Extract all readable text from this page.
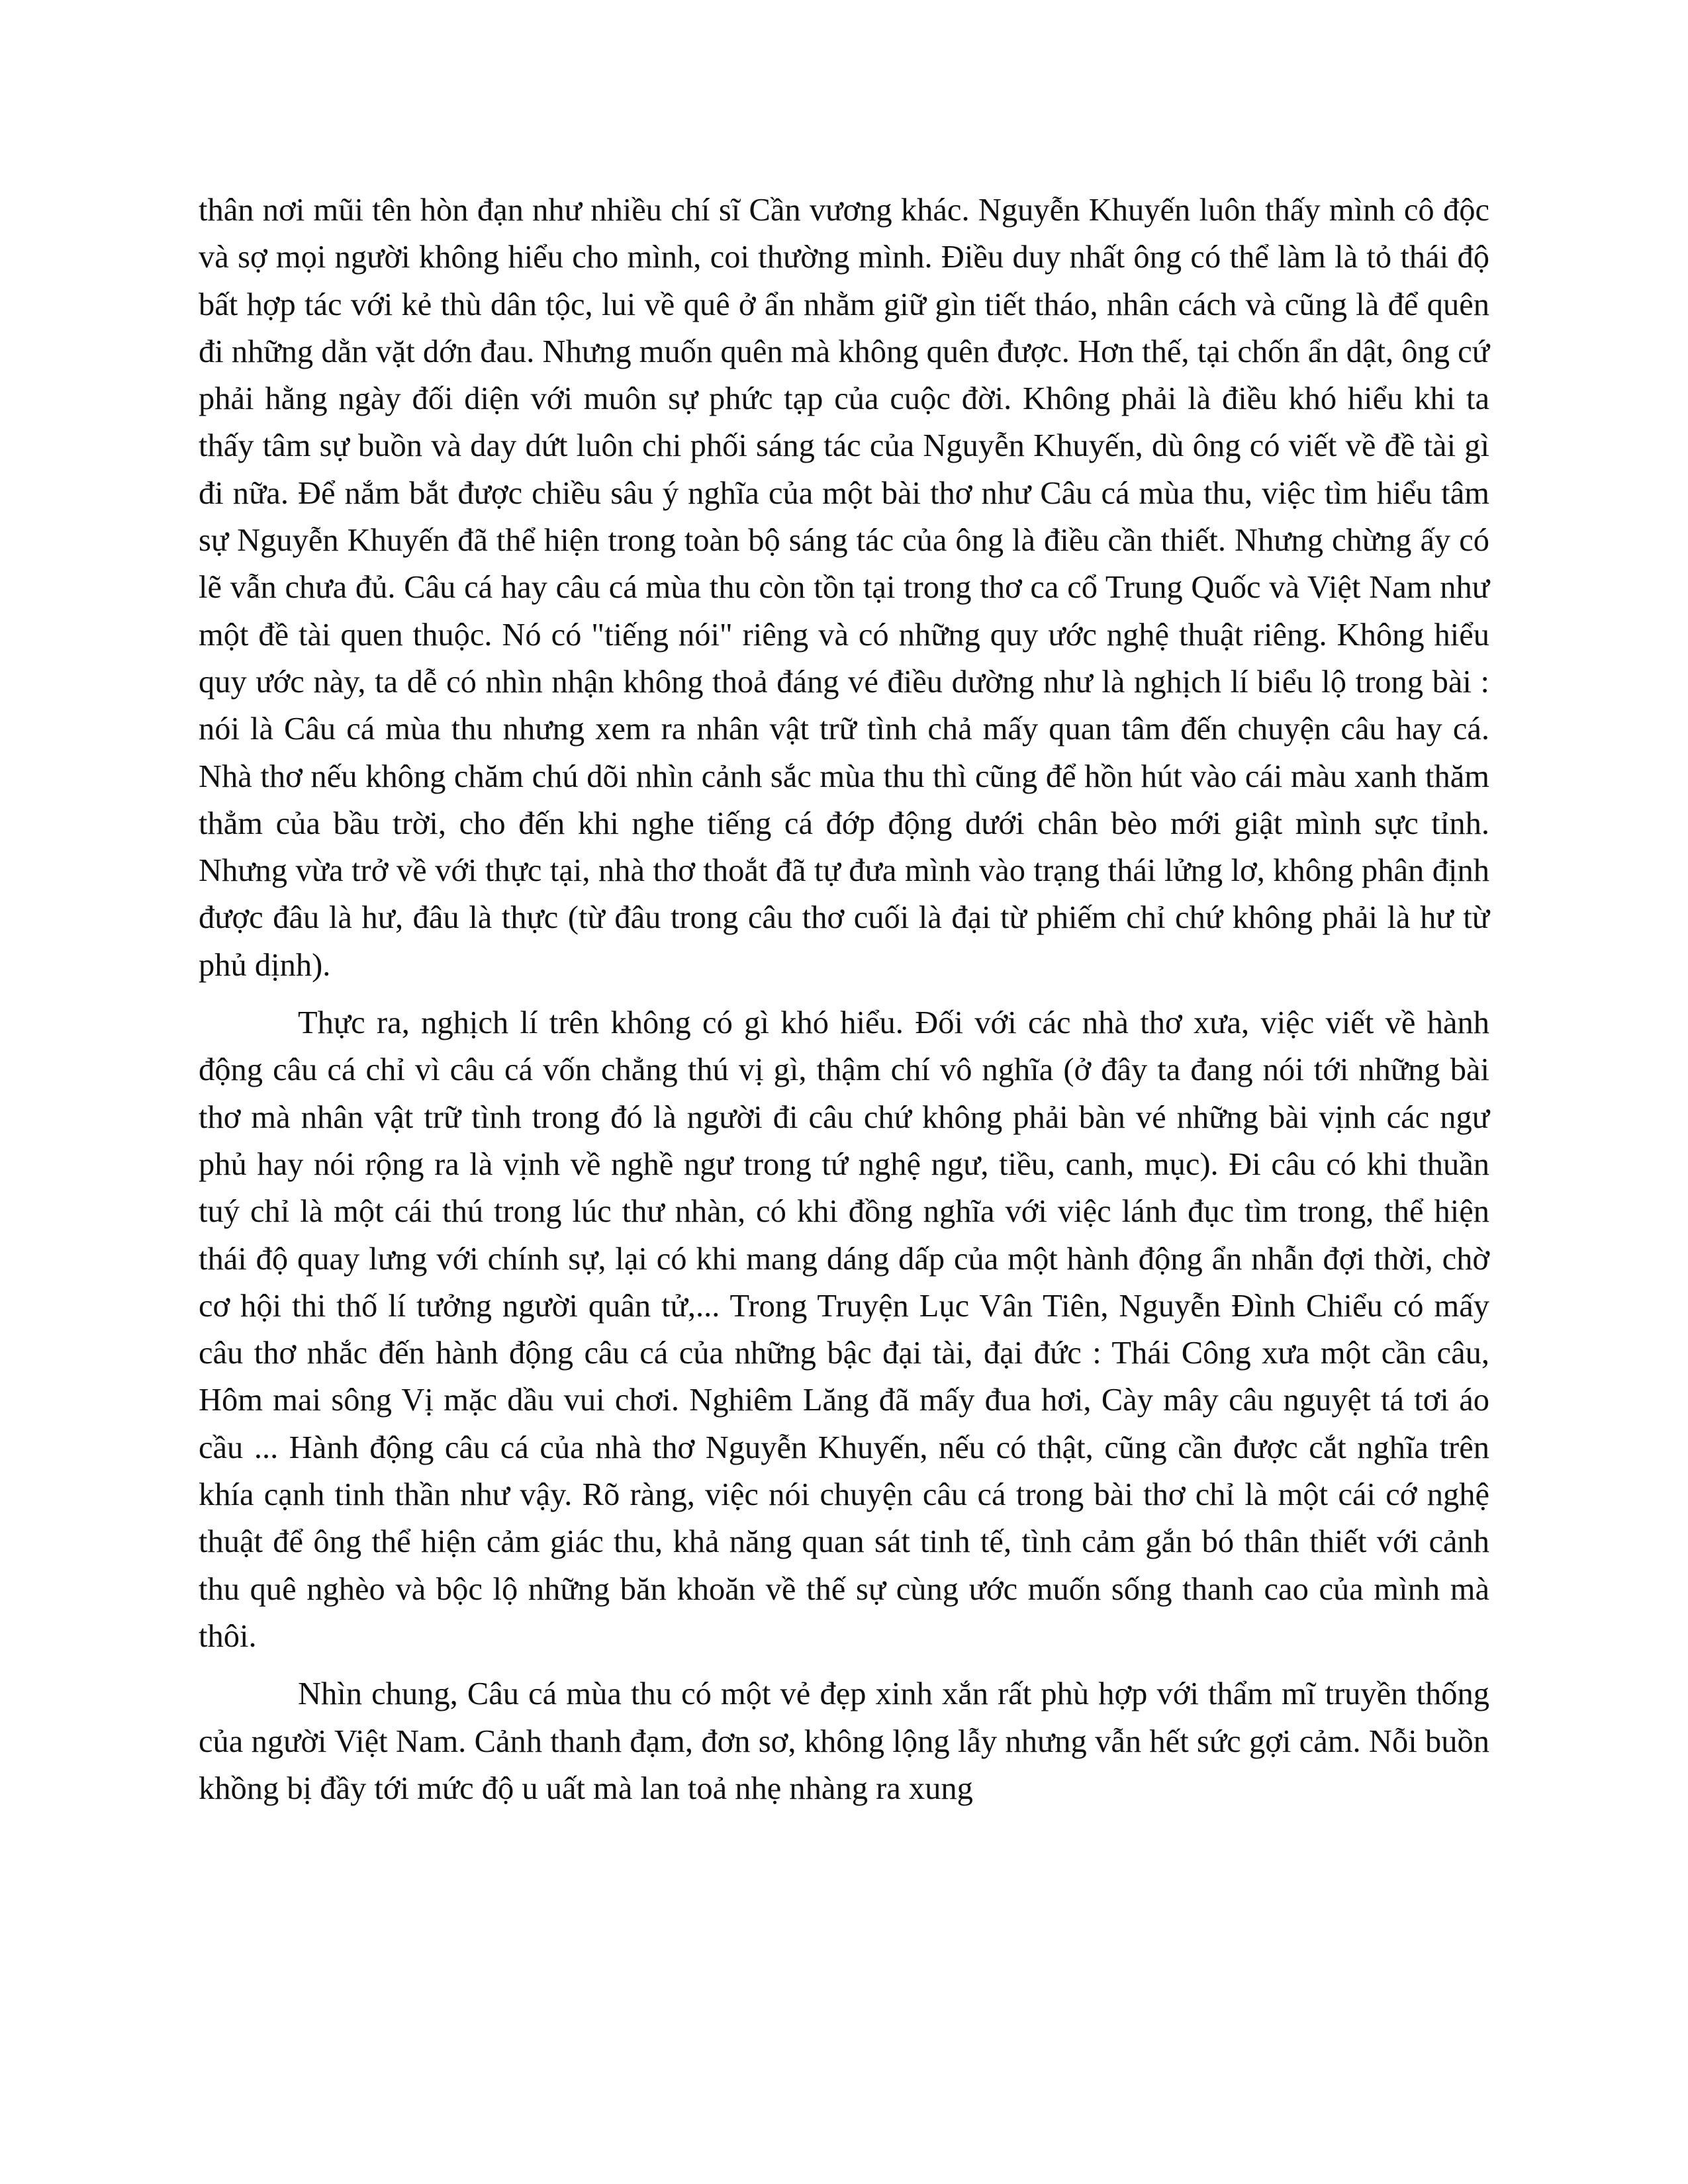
thân nơi mũi tên hòn đạn như nhiều chí sĩ Cần vương khác. Nguyễn Khuyến luôn thấy mình cô độc và sợ mọi người không hiểu cho mình, coi thường mình. Điều duy nhất ông có thể làm là tỏ thái độ bất hợp tác với kẻ thù dân tộc, lui về quê ở ẩn nhằm giữ gìn tiết tháo, nhân cách và cũng là để quên đi những dằn vặt dớn đau. Nhưng muốn quên mà không quên được. Hơn thế, tại chốn ẩn dật, ông cứ phải hằng ngày đối diện với muôn sự phức tạp của cuộc đời. Không phải là điều khó hiểu khi ta thấy tâm sự buồn và day dứt luôn chi phối sáng tác của Nguyễn Khuyến, dù ông có viết về đề tài gì đi nữa. Để nắm bắt được chiều sâu ý nghĩa của một bài thơ như Câu cá mùa thu, việc tìm hiểu tâm sự Nguyễn Khuyến đã thể hiện trong toàn bộ sáng tác của ông là điều cần thiết. Nhưng chừng ấy có lẽ vẫn chưa đủ. Câu cá hay câu cá mùa thu còn tồn tại trong thơ ca cổ Trung Quốc và Việt Nam như một đề tài quen thuộc. Nó có "tiếng nói" riêng và có những quy ước nghệ thuật riêng. Không hiểu quy ước này, ta dễ có nhìn nhận không thoả đáng vé điều dường như là nghịch lí biểu lộ trong bài : nói là Câu cá mùa thu nhưng xem ra nhân vật trữ tình chả mấy quan tâm đến chuyện câu hay cá. Nhà thơ nếu không chăm chú dõi nhìn cảnh sắc mùa thu thì cũng để hồn hút vào cái màu xanh thăm thẳm của bầu trời, cho đến khi nghe tiếng cá đớp động dưới chân bèo mới giật mình sực tỉnh. Nhưng vừa trở về với thực tại, nhà thơ thoắt đã tự đưa mình vào trạng thái lửng lơ, không phân định được đâu là hư, đâu là thực (từ đâu trong câu thơ cuối là đại từ phiếm chỉ chứ không phải là hư từ phủ dịnh).

Thực ra, nghịch lí trên không có gì khó hiểu. Đối với các nhà thơ xưa, việc viết về hành động câu cá chỉ vì câu cá vốn chẳng thú vị gì, thậm chí vô nghĩa (ở đây ta đang nói tới những bài thơ mà nhân vật trữ tình trong đó là người đi câu chứ không phải bàn vé những bài vịnh các ngư phủ hay nói rộng ra là vịnh về nghề ngư trong tứ nghệ ngư, tiều, canh, mục). Đi câu có khi thuần tuý chỉ là một cái thú trong lúc thư nhàn, có khi đồng nghĩa với việc lánh đục tìm trong, thể hiện thái độ quay lưng với chính sự, lại có khi mang dáng dấp của một hành động ẩn nhẫn đợi thời, chờ cơ hội thi thố lí tưởng người quân tử,... Trong Truyện Lục Vân Tiên, Nguyễn Đình Chiểu có mấy câu thơ nhắc đến hành động câu cá của những bậc đại tài, đại đức : Thái Công xưa một cần câu, Hôm mai sông Vị mặc dầu vui chơi. Nghiêm Lăng đã mấy đua hơi, Cày mây câu nguyệt tá tơi áo cầu ... Hành động câu cá của nhà thơ Nguyễn Khuyến, nếu có thật, cũng cần được cắt nghĩa trên khía cạnh tinh thần như vậy. Rõ ràng, việc nói chuyện câu cá trong bài thơ chỉ là một cái cớ nghệ thuật để ông thể hiện cảm giác thu, khả năng quan sát tinh tế, tình cảm gắn bó thân thiết với cảnh thu quê nghèo và bộc lộ những băn khoăn về thế sự cùng ước muốn sống thanh cao của mình mà thôi.

Nhìn chung, Câu cá mùa thu có một vẻ đẹp xinh xắn rất phù hợp với thẩm mĩ truyền thống của người Việt Nam. Cảnh thanh đạm, đơn sơ, không lộng lẫy nhưng vẫn hết sức gợi cảm. Nỗi buồn khồng bị đầy tới mức độ u uất mà lan toả nhẹ nhàng ra xung
